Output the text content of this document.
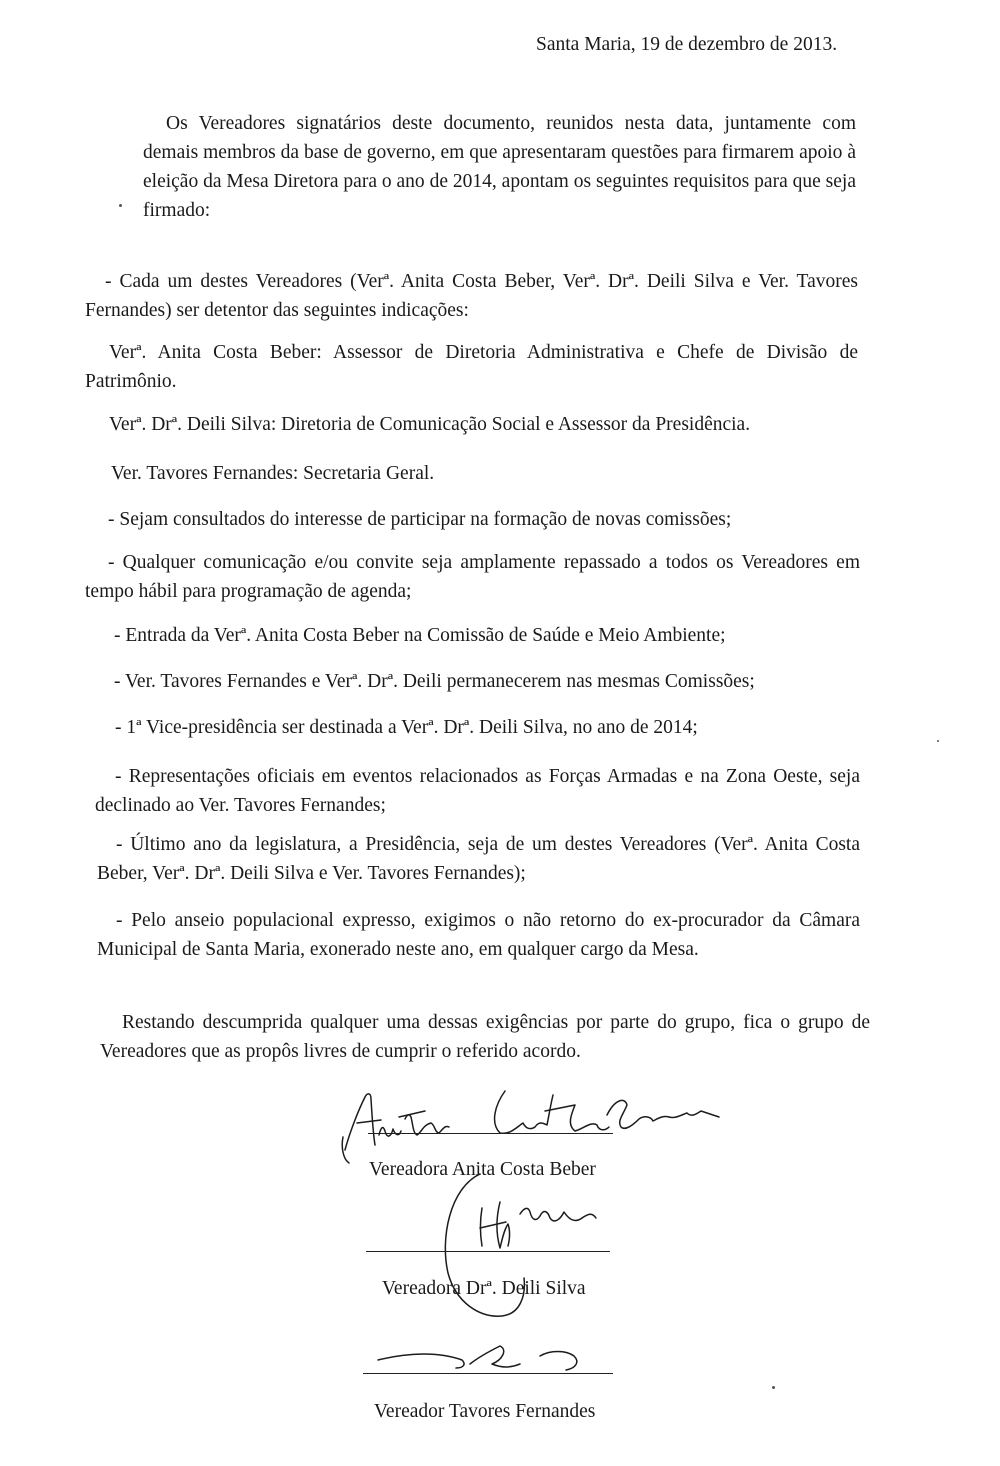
Santa Maria, 19 de dezembro de 2013.
Os Vereadores signatários deste documento, reunidos nesta data, juntamente com demais membros da base de governo, em que apresentaram questões para firmarem apoio à eleição da Mesa Diretora para o ano de 2014, apontam os seguintes requisitos para que seja firmado:
- Cada um destes Vereadores (Verª. Anita Costa Beber, Verª. Drª. Deili Silva e Ver. Tavores Fernandes) ser detentor das seguintes indicações:
Verª. Anita Costa Beber: Assessor de Diretoria Administrativa e Chefe de Divisão de Patrimônio.
Verª. Drª. Deili Silva: Diretoria de Comunicação Social e Assessor da Presidência.
Ver. Tavores Fernandes: Secretaria Geral.
- Sejam consultados do interesse de participar na formação de novas comissões;
- Qualquer comunicação e/ou convite seja amplamente repassado a todos os Vereadores em tempo hábil para programação de agenda;
- Entrada da Verª. Anita Costa Beber na Comissão de Saúde e Meio Ambiente;
- Ver. Tavores Fernandes e Verª. Drª. Deili permanecerem nas mesmas Comissões;
- 1ª Vice-presidência ser destinada a Verª. Drª. Deili Silva, no ano de 2014;
- Representações oficiais em eventos relacionados as Forças Armadas e na Zona Oeste, seja declinado ao Ver. Tavores Fernandes;
- Último ano da legislatura, a Presidência, seja de um destes Vereadores (Verª. Anita Costa Beber, Verª. Drª. Deili Silva e Ver. Tavores Fernandes);
- Pelo anseio populacional expresso, exigimos o não retorno do ex-procurador da Câmara Municipal de Santa Maria, exonerado neste ano, em qualquer cargo da Mesa.
Restando descumprida qualquer uma dessas exigências por parte do grupo, fica o grupo de Vereadores que as propôs livres de cumprir o referido acordo.
Vereadora Anita Costa Beber
Vereadora Drª. Deili Silva
Vereador Tavores Fernandes
